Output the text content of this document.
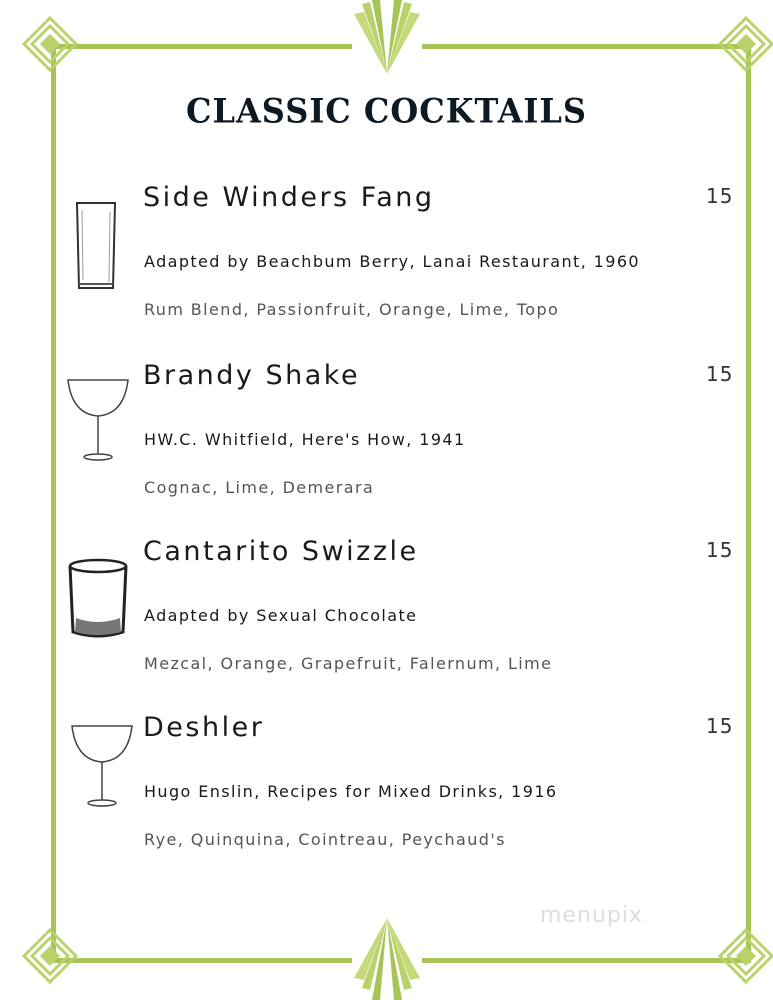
CLASSIC COCKTAILS
Side Winders Fang	15
Adapted by Beachbum Berry, Lanai Restaurant, 1960
Rum Blend, Passionfruit, Orange, Lime, Topo
Brandy Shake	15
HW.C. Whitfield, Here's How, 1941
Cognac, Lime, Demerara
Cantarito Swizzle	15
Adapted by Sexual Chocolate
Mezcal, Orange, Grapefruit, Falernum, Lime
Deshler	15
Hugo Enslin, Recipes for Mixed Drinks, 1916
Rye, Quinquina, Cointreau, Peychaud's
menupix
